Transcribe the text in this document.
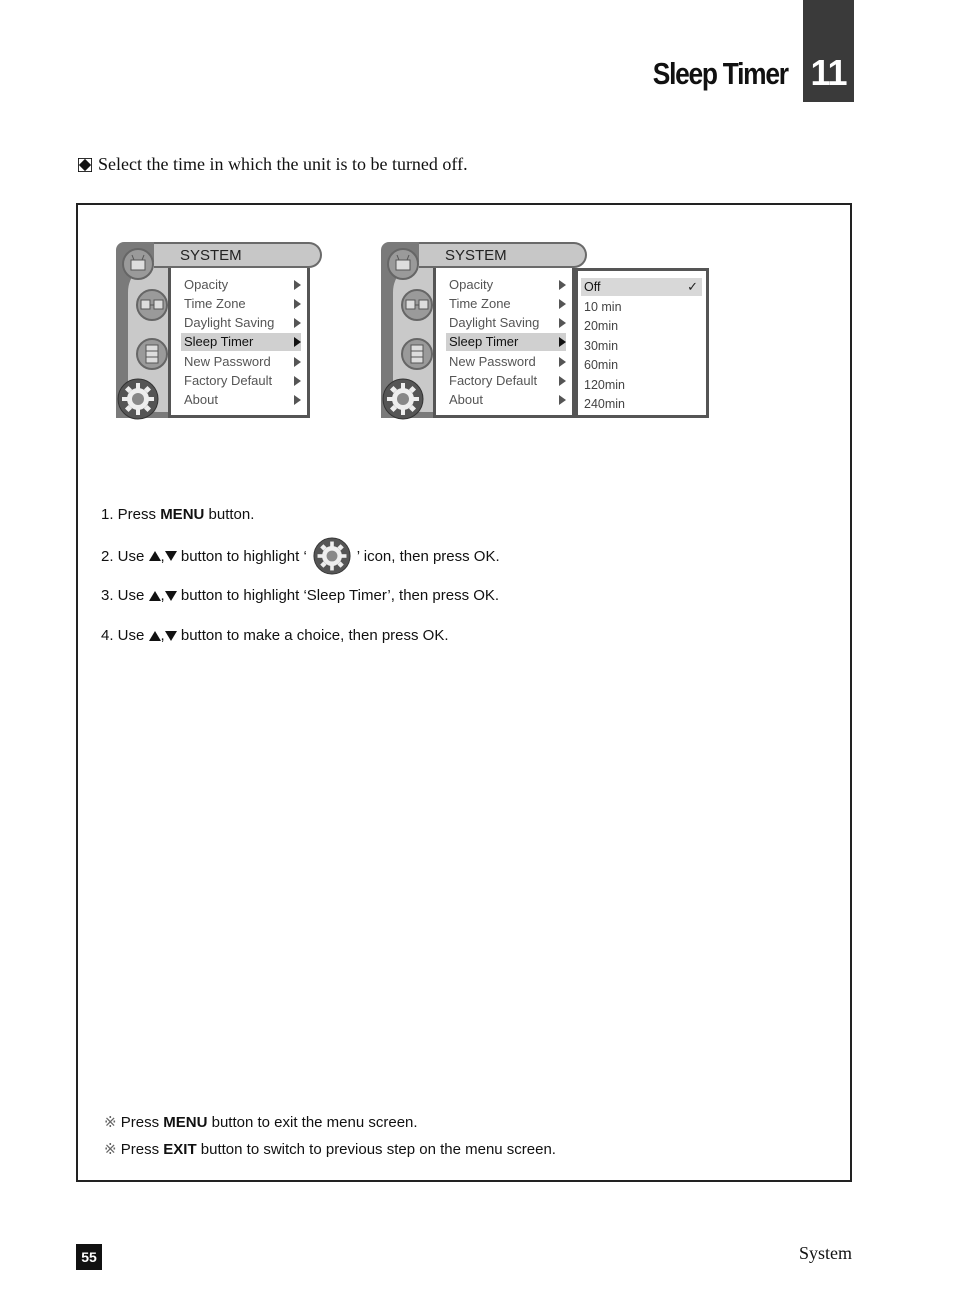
Sleep Timer 11
Select the time in which the unit is to be turned off.
SYSTEM
Opacity
Time Zone
Daylight Saving
Sleep Timer
New Password
Factory Default
About
SYSTEM
Opacity
Time Zone
Daylight Saving
Sleep Timer
New Password
Factory Default
About
Off	✓
10 min
20min
30min
60min
120min
240min
1. Press MENU button.
2. Use , button to highlight ‘	’ icon, then press OK.
3. Use , button to highlight ‘Sleep Timer’, then press OK.
4. Use , button to make a choice, then press OK.
※ Press MENU button to exit the menu screen.
※ Press EXIT button to switch to previous step on the menu screen.
55	System
